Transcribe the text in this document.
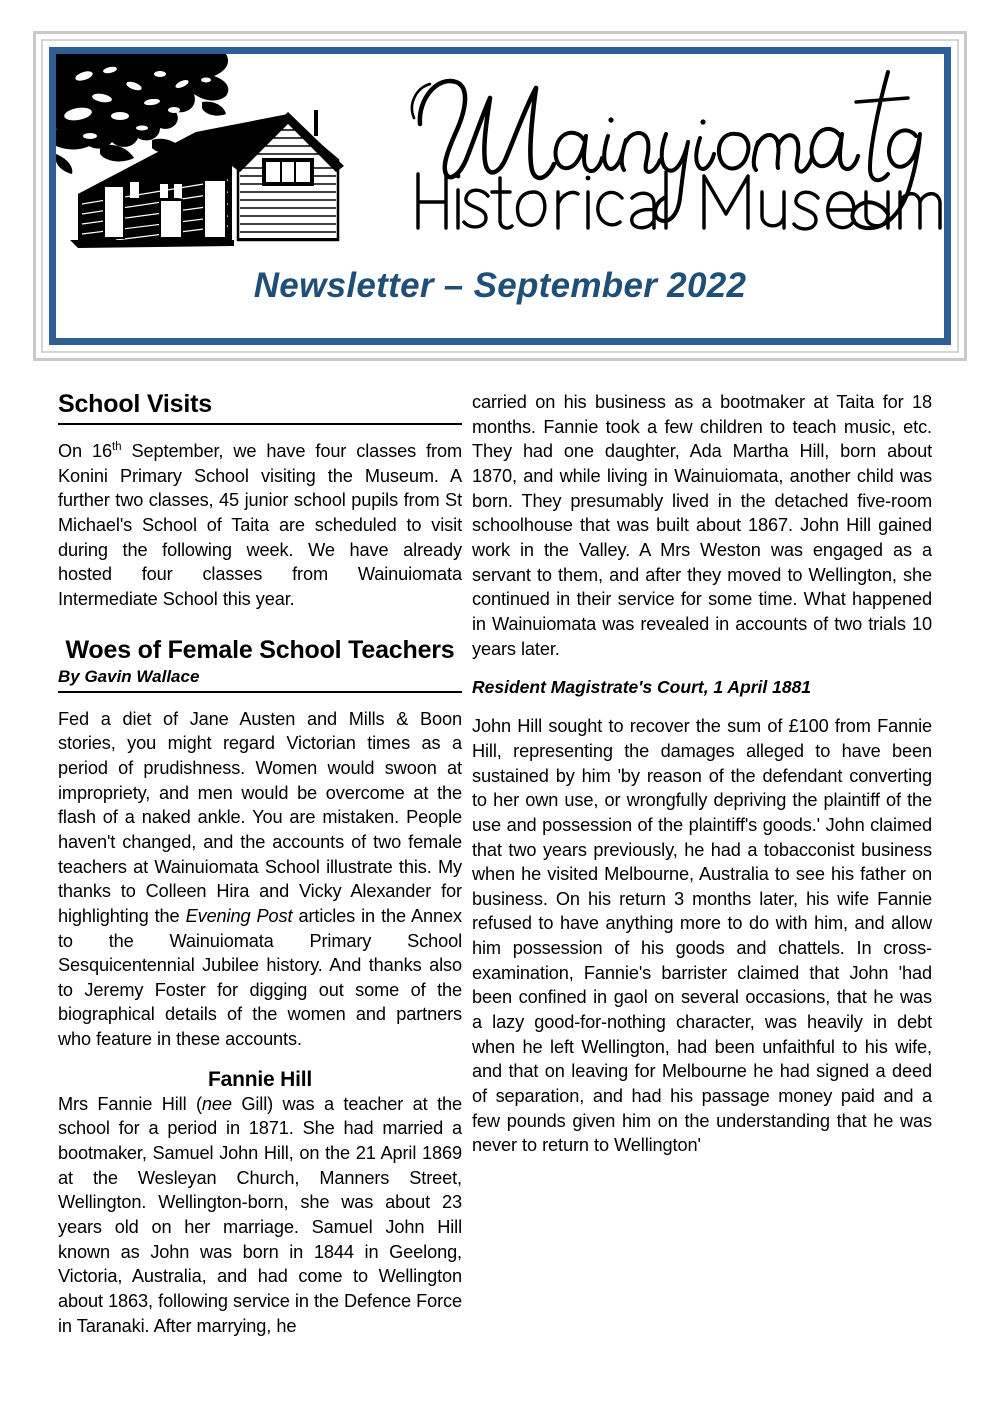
Newsletter – September 2022
School Visits

On 16th September, we have four classes from Konini Primary School visiting the Museum. A further two classes, 45 junior school pupils from St Michael's School of Taita are scheduled to visit during the following week. We have already hosted four classes from Wainuiomata Intermediate School this year.

Woes of Female School Teachers
By Gavin Wallace

Fed a diet of Jane Austen and Mills & Boon stories, you might regard Victorian times as a period of prudishness. Women would swoon at impropriety, and men would be overcome at the flash of a naked ankle. You are mistaken. People haven't changed, and the accounts of two female teachers at Wainuiomata School illustrate this. My thanks to Colleen Hira and Vicky Alexander for highlighting the Evening Post articles in the Annex to the Wainuiomata Primary School Sesquicentennial Jubilee history. And thanks also to Jeremy Foster for digging out some of the biographical details of the women and partners who feature in these accounts.

Fannie Hill

Mrs Fannie Hill (nee Gill) was a teacher at the school for a period in 1871. She had married a bootmaker, Samuel John Hill, on the 21 April 1869 at the Wesleyan Church, Manners Street, Wellington. Wellington-born, she was about 23 years old on her marriage. Samuel John Hill known as John was born in 1844 in Geelong, Victoria, Australia, and had come to Wellington about 1863, following service in the Defence Force in Taranaki. After marrying, he

carried on his business as a bootmaker at Taita for 18 months. Fannie took a few children to teach music, etc. They had one daughter, Ada Martha Hill, born about 1870, and while living in Wainuiomata, another child was born. They presumably lived in the detached five-room schoolhouse that was built about 1867. John Hill gained work in the Valley. A Mrs Weston was engaged as a servant to them, and after they moved to Wellington, she continued in their service for some time. What happened in Wainuiomata was revealed in accounts of two trials 10 years later.

Resident Magistrate's Court, 1 April 1881

John Hill sought to recover the sum of £100 from Fannie Hill, representing the damages alleged to have been sustained by him 'by reason of the defendant converting to her own use, or wrongfully depriving the plaintiff of the use and possession of the plaintiff's goods.' John claimed that two years previously, he had a tobacconist business when he visited Melbourne, Australia to see his father on business. On his return 3 months later, his wife Fannie refused to have anything more to do with him, and allow him possession of his goods and chattels. In cross-examination, Fannie's barrister claimed that John 'had been confined in gaol on several occasions, that he was a lazy good-for-nothing character, was heavily in debt when he left Wellington, had been unfaithful to his wife, and that on leaving for Melbourne he had signed a deed of separation, and had his passage money paid and a few pounds given him on the understanding that he was never to return to Wellington'
